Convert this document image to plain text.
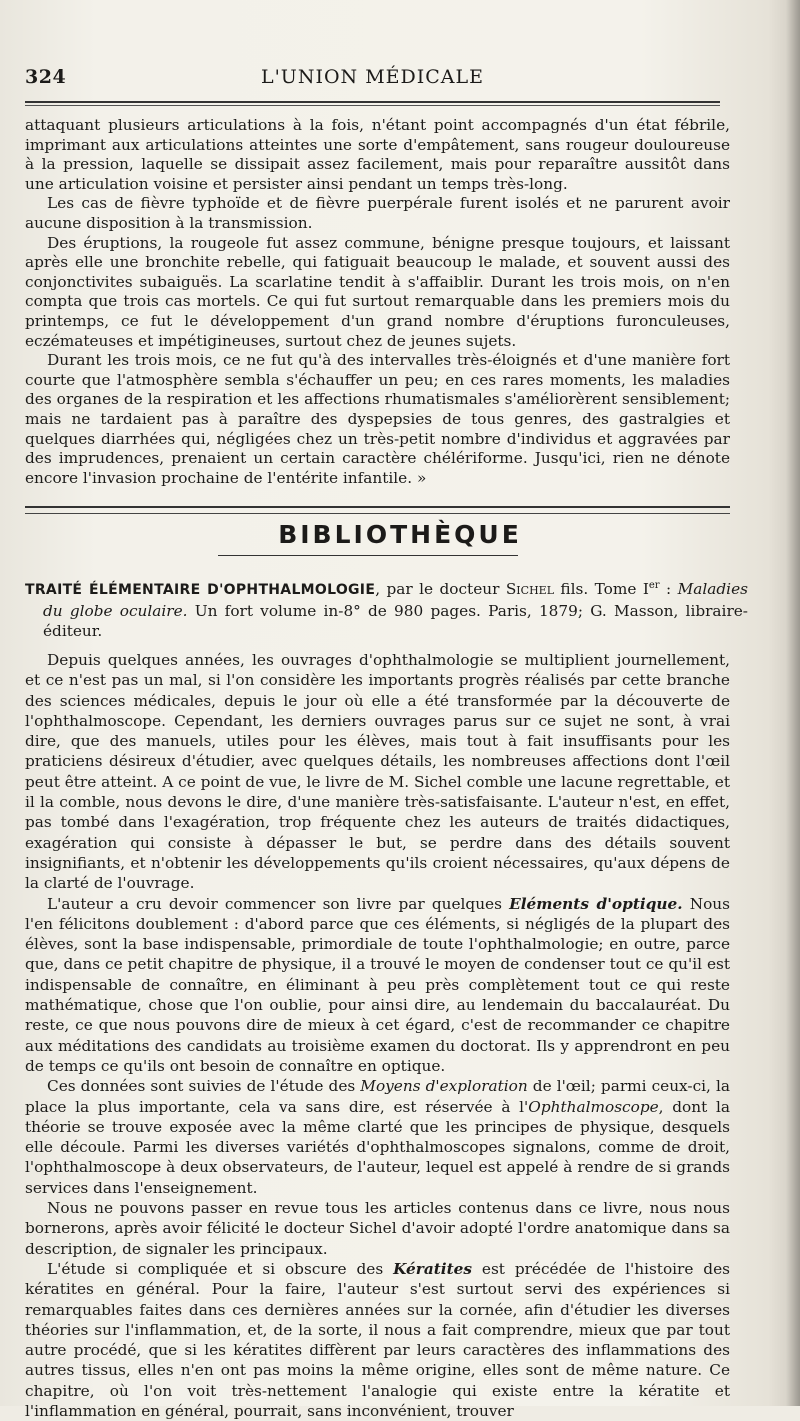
324	L'UNION MÉDICALE

attaquant plusieurs articulations à la fois, n'étant point accompagnés d'un état fébrile, imprimant aux articulations atteintes une sorte d'empâtement, sans rougeur douloureuse à la pression, laquelle se dissipait assez facilement, mais pour reparaître aussitôt dans une articulation voisine et persister ainsi pendant un temps très-long.

Les cas de fièvre typhoïde et de fièvre puerpérale furent isolés et ne parurent avoir aucune disposition à la transmission.

Des éruptions, la rougeole fut assez commune, bénigne presque toujours, et laissant après elle une bronchite rebelle, qui fatiguait beaucoup le malade, et souvent aussi des conjonctivites subaiguës. La scarlatine tendit à s'affaiblir. Durant les trois mois, on n'en compta que trois cas mortels. Ce qui fut surtout remarquable dans les premiers mois du printemps, ce fut le développement d'un grand nombre d'éruptions furonculeuses, eczémateuses et impétigineuses, surtout chez de jeunes sujets.

Durant les trois mois, ce ne fut qu'à des intervalles très-éloignés et d'une manière fort courte que l'atmosphère sembla s'échauffer un peu; en ces rares moments, les maladies des organes de la respiration et les affections rhumatismales s'améliorèrent sensiblement; mais ne tardaient pas à paraître des dyspepsies de tous genres, des gastralgies et quelques diarrhées qui, négligées chez un très-petit nombre d'individus et aggravées par des imprudences, prenaient un certain caractère chélériforme. Jusqu'ici, rien ne dénote encore l'invasion prochaine de l'entérite infantile. »

BIBLIOTHÈQUE
TRAITÉ ÉLÉMENTAIRE D'OPHTHALMOLOGIE, par le docteur Sichel fils. Tome Ier : Maladies du globe oculaire. Un fort volume in-8° de 980 pages. Paris, 1879; G. Masson, libraire-éditeur.

Depuis quelques années, les ouvrages d'ophthalmologie se multiplient journellement, et ce n'est pas un mal, si l'on considère les importants progrès réalisés par cette branche des sciences médicales, depuis le jour où elle a été transformée par la découverte de l'ophthalmoscope. Cependant, les derniers ouvrages parus sur ce sujet ne sont, à vrai dire, que des manuels, utiles pour les élèves, mais tout à fait insuffisants pour les praticiens désireux d'étudier, avec quelques détails, les nombreuses affections dont l'œil peut être atteint. A ce point de vue, le livre de M. Sichel comble une lacune regrettable, et il la comble, nous devons le dire, d'une manière très-satisfaisante. L'auteur n'est, en effet, pas tombé dans l'exagération, trop fréquente chez les auteurs de traités didactiques, exagération qui consiste à dépasser le but, se perdre dans des détails souvent insignifiants, et n'obtenir les développements qu'ils croient nécessaires, qu'aux dépens de la clarté de l'ouvrage.

L'auteur a cru devoir commencer son livre par quelques Eléments d'optique. Nous l'en félicitons doublement : d'abord parce que ces éléments, si négligés de la plupart des élèves, sont la base indispensable, primordiale de toute l'ophthalmologie; en outre, parce que, dans ce petit chapitre de physique, il a trouvé le moyen de condenser tout ce qu'il est indispensable de connaître, en éliminant à peu près complètement tout ce qui reste mathématique, chose que l'on oublie, pour ainsi dire, au lendemain du baccalauréat. Du reste, ce que nous pouvons dire de mieux à cet égard, c'est de recommander ce chapitre aux méditations des candidats au troisième examen du doctorat. Ils y apprendront en peu de temps ce qu'ils ont besoin de connaître en optique.

Ces données sont suivies de l'étude des Moyens d'exploration de l'œil; parmi ceux-ci, la place la plus importante, cela va sans dire, est réservée à l'Ophthalmoscope, dont la théorie se trouve exposée avec la même clarté que les principes de physique, desquels elle découle. Parmi les diverses variétés d'ophthalmoscopes signalons, comme de droit, l'ophthalmoscope à deux observateurs, de l'auteur, lequel est appelé à rendre de si grands services dans l'enseignement.

Nous ne pouvons passer en revue tous les articles contenus dans ce livre, nous nous bornerons, après avoir félicité le docteur Sichel d'avoir adopté l'ordre anatomique dans sa description, de signaler les principaux.

L'étude si compliquée et si obscure des Kératites est précédée de l'histoire des kératites en général. Pour la faire, l'auteur s'est surtout servi des expériences si remarquables faites dans ces dernières années sur la cornée, afin d'étudier les diverses théories sur l'inflammation, et, de la sorte, il nous a fait comprendre, mieux que par tout autre procédé, que si les kératites diffèrent par leurs caractères des inflammations des autres tissus, elles n'en ont pas moins la même origine, elles sont de même nature. Ce chapitre, où l'on voit très-nettement l'analogie qui existe entre la kératite et l'inflammation en général, pourrait, sans inconvénient, trouver
